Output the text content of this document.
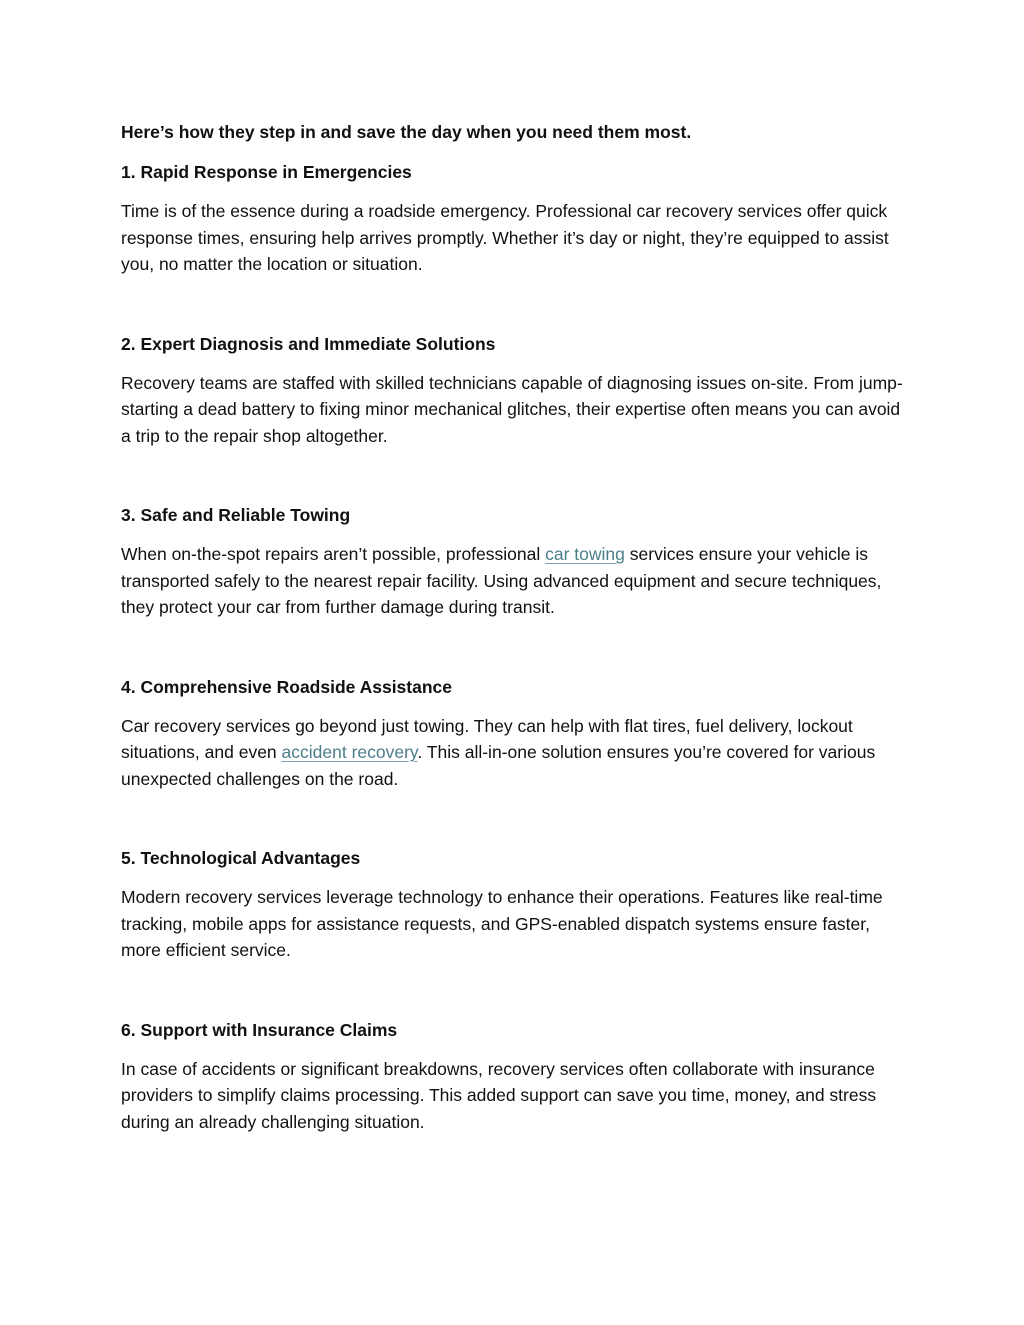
Here’s how they step in and save the day when you need them most.

1. Rapid Response in Emergencies

Time is of the essence during a roadside emergency. Professional car recovery services offer quick response times, ensuring help arrives promptly. Whether it’s day or night, they’re equipped to assist you, no matter the location or situation.

2. Expert Diagnosis and Immediate Solutions

Recovery teams are staffed with skilled technicians capable of diagnosing issues on-site. From jump-starting a dead battery to fixing minor mechanical glitches, their expertise often means you can avoid a trip to the repair shop altogether.

3. Safe and Reliable Towing

When on-the-spot repairs aren’t possible, professional car towing services ensure your vehicle is transported safely to the nearest repair facility. Using advanced equipment and secure techniques, they protect your car from further damage during transit.

4. Comprehensive Roadside Assistance

Car recovery services go beyond just towing. They can help with flat tires, fuel delivery, lockout situations, and even accident recovery. This all-in-one solution ensures you’re covered for various unexpected challenges on the road.

5. Technological Advantages

Modern recovery services leverage technology to enhance their operations. Features like real-time tracking, mobile apps for assistance requests, and GPS-enabled dispatch systems ensure faster, more efficient service.

6. Support with Insurance Claims

In case of accidents or significant breakdowns, recovery services often collaborate with insurance providers to simplify claims processing. This added support can save you time, money, and stress during an already challenging situation.
